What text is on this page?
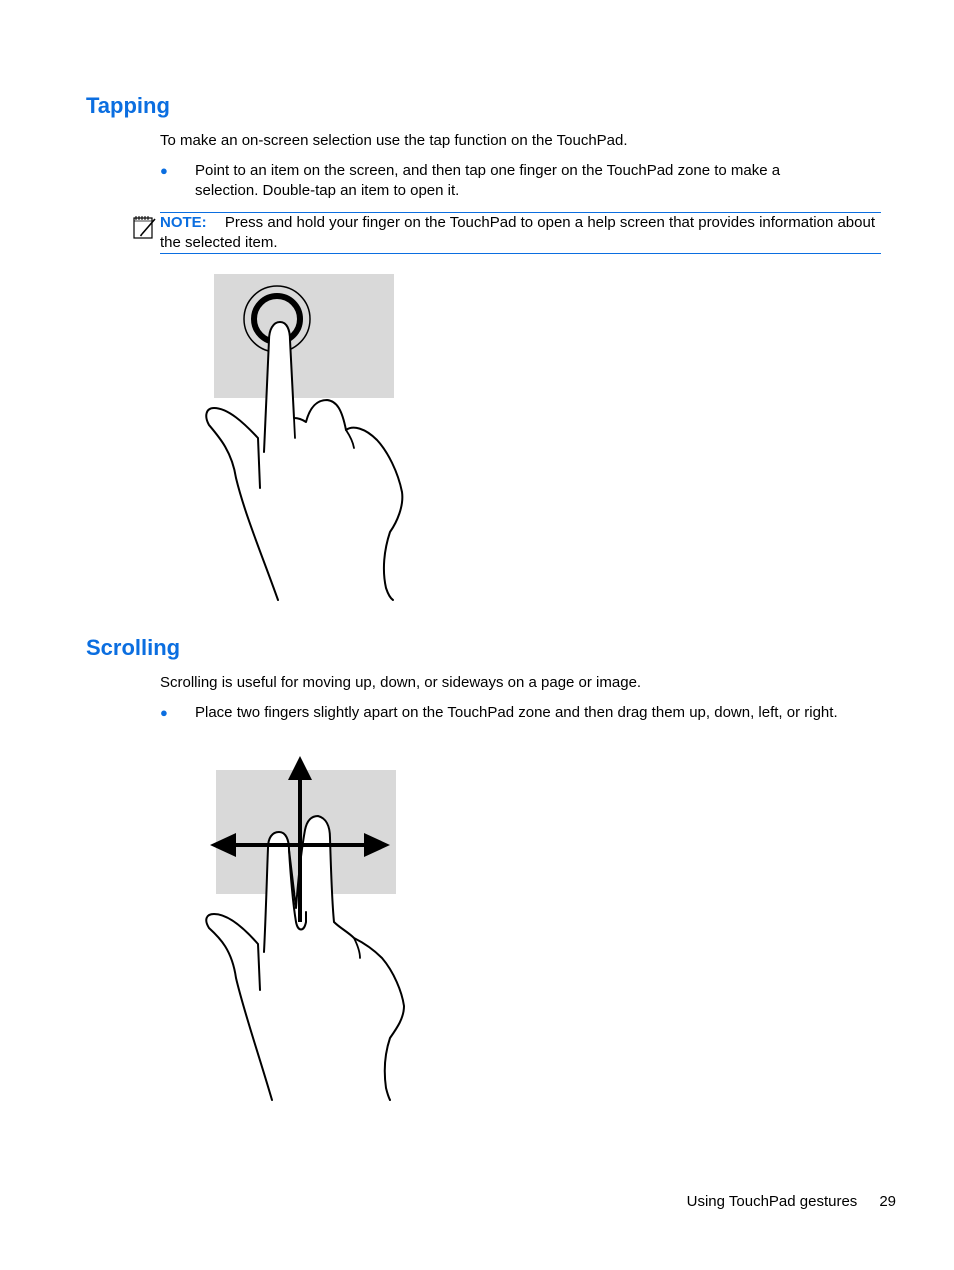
Tapping

To make an on-screen selection use the tap function on the TouchPad.

● Point to an item on the screen, and then tap one finger on the TouchPad zone to make a selection. Double-tap an item to open it.
NOTE: Press and hold your finger on the TouchPad to open a help screen that provides information about the selected item.
Scrolling

Scrolling is useful for moving up, down, or sideways on a page or image.

● Place two fingers slightly apart on the TouchPad zone and then drag them up, down, left, or right.
Using TouchPad gestures 29
